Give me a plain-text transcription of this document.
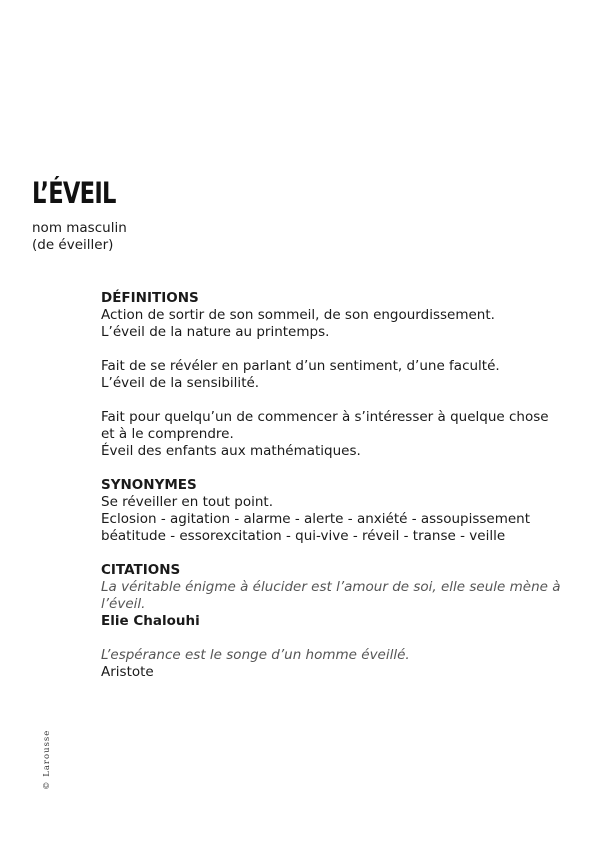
L’ÉVEIL
nom masculin
(de éveiller)
DÉFINITIONS
Action de sortir de son sommeil, de son engourdissement.
L’éveil de la nature au printemps.
Fait de se révéler en parlant d’un sentiment, d’une faculté.
L’éveil de la sensibilité.
Fait pour quelqu’un de commencer à s’intéresser à quelque chose
et à le comprendre.
Éveil des enfants aux mathématiques.
SYNONYMES
Se réveiller en tout point.
Eclosion - agitation - alarme - alerte - anxiété - assoupissement
béatitude - essorexcitation - qui-vive - réveil - transe - veille
CITATIONS
La véritable énigme à élucider est l’amour de soi, elle seule mène à l’éveil.
Elie Chalouhi
L’espérance est le songe d’un homme éveillé.
Aristote
© Larousse
